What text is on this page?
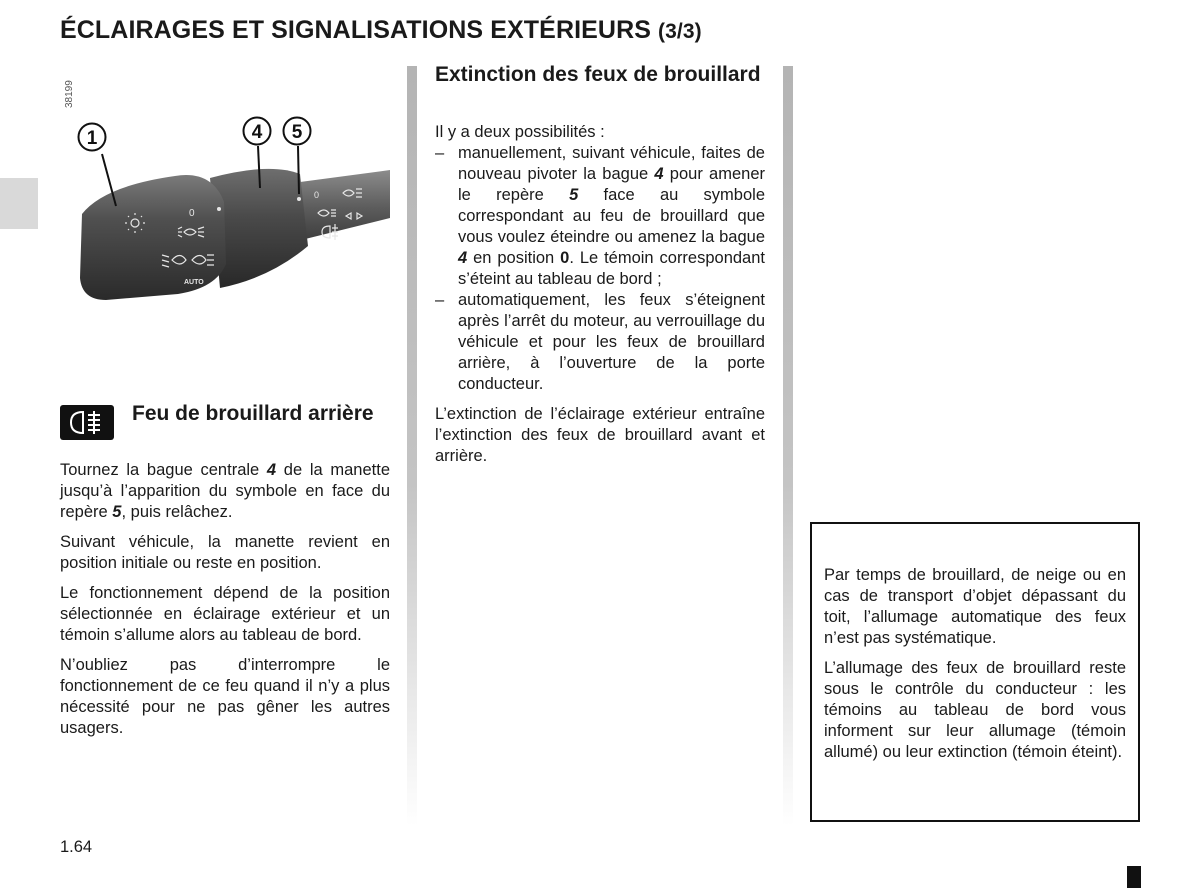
ÉCLAIRAGES ET SIGNALISATIONS EXTÉRIEURS (3/3)
38199
0
AUTO
0
1	4 5
Feu de brouillard arrière

Tournez la bague centrale 4 de la manette jusqu’à l’apparition du symbole en face du repère 5, puis relâchez.

Suivant véhicule, la manette revient en position initiale ou reste en position.

Le fonctionnement dépend de la position sélectionnée en éclairage extérieur et un témoin s’allume alors au tableau de bord.

N’oubliez pas d’interrompre le fonctionnement de ce feu quand il n’y a plus nécessité pour ne pas gêner les autres usagers.

Extinction des feux de brouillard

Il y a deux possibilités :

– manuellement, suivant véhicule, faites de nouveau pivoter la bague 4 pour amener le repère 5 face au symbole correspondant au feu de brouillard que vous voulez éteindre ou amenez la bague 4 en position 0. Le témoin correspondant s’éteint au tableau de bord ;
– automatiquement, les feux s’éteignent après l’arrêt du moteur, au verrouillage du véhicule et pour les feux de brouillard arrière, à l’ouverture de la porte conducteur.

L’extinction de l’éclairage extérieur entraîne l’extinction des feux de brouillard avant et arrière.

Par temps de brouillard, de neige ou en cas de transport d’objet dépassant du toit, l’allumage automatique des feux n’est pas systématique.

L’allumage des feux de brouillard reste sous le contrôle du conducteur : les témoins au tableau de bord vous informent sur leur allumage (témoin allumé) ou leur extinction (témoin éteint).

1.64
